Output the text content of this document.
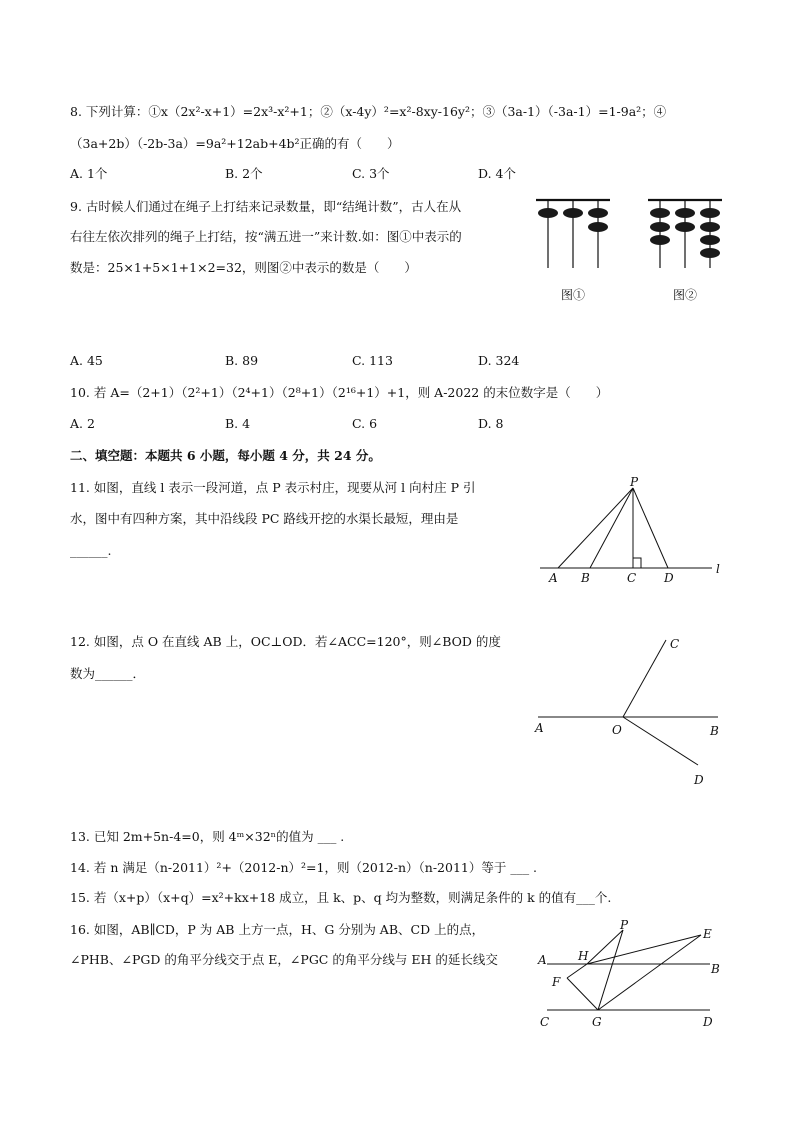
8. 下列计算：①x（2x²-x+1）=2x³-x²+1；②（x-4y）²=x²-8xy-16y²；③（3a-1）（-3a-1）=1-9a²；④
（3a+2b）（-2b-3a）=9a²+12ab+4b²正确的有（　　）
A. 1个	B. 2个	C. 3个	D. 4个
9. 古时候人们通过在绳子上打结来记录数量，即“结绳计数”，古人在从
右往左依次排列的绳子上打结，按“满五进一”来计数.如：图①中表示的
数是：25×1+5×1+1×2=32，则图②中表示的数是（　　）
图①	图②
A. 45	B. 89	C. 113	D. 324
10. 若 A=（2+1）（2²+1）（2⁴+1）（2⁸+1）（2¹⁶+1）+1，则 A-2022 的末位数字是（　　）
A. 2	B. 4	C. 6	D. 8
二、填空题：本题共 6 小题，每小题 4 分，共 24 分。
11. 如图，直线 l 表示一段河道，点 P 表示村庄，现要从河 l 向村庄 P 引
水，图中有四种方案，其中沿线段 PC 路线开挖的水渠长最短，理由是
______.
P
A B	C D
l
12. 如图，点 O 在直线 AB 上，OC⊥OD．若∠ACC=120°，则∠BOD 的度
数为______．
C
A	O	B
D
13. 已知 2m+5n-4=0，则 4ᵐ×32ⁿ的值为 ___ .
14. 若 n 满足（n-2011）²+（2012-n）²=1，则（2012-n）（n-2011）等于 ___ .
15. 若（x+p）（x+q）=x²+kx+18 成立，且 k、p、q 均为整数，则满足条件的 k 的值有___个.
16. 如图，AB∥CD，P 为 AB 上方一点，H、G 分别为 AB、CD 上的点，
∠PHB、∠PGD 的角平分线交于点 E，∠PGC 的角平分线与 EH 的延长线交
P
E
A	H
B
F
C	G	D
